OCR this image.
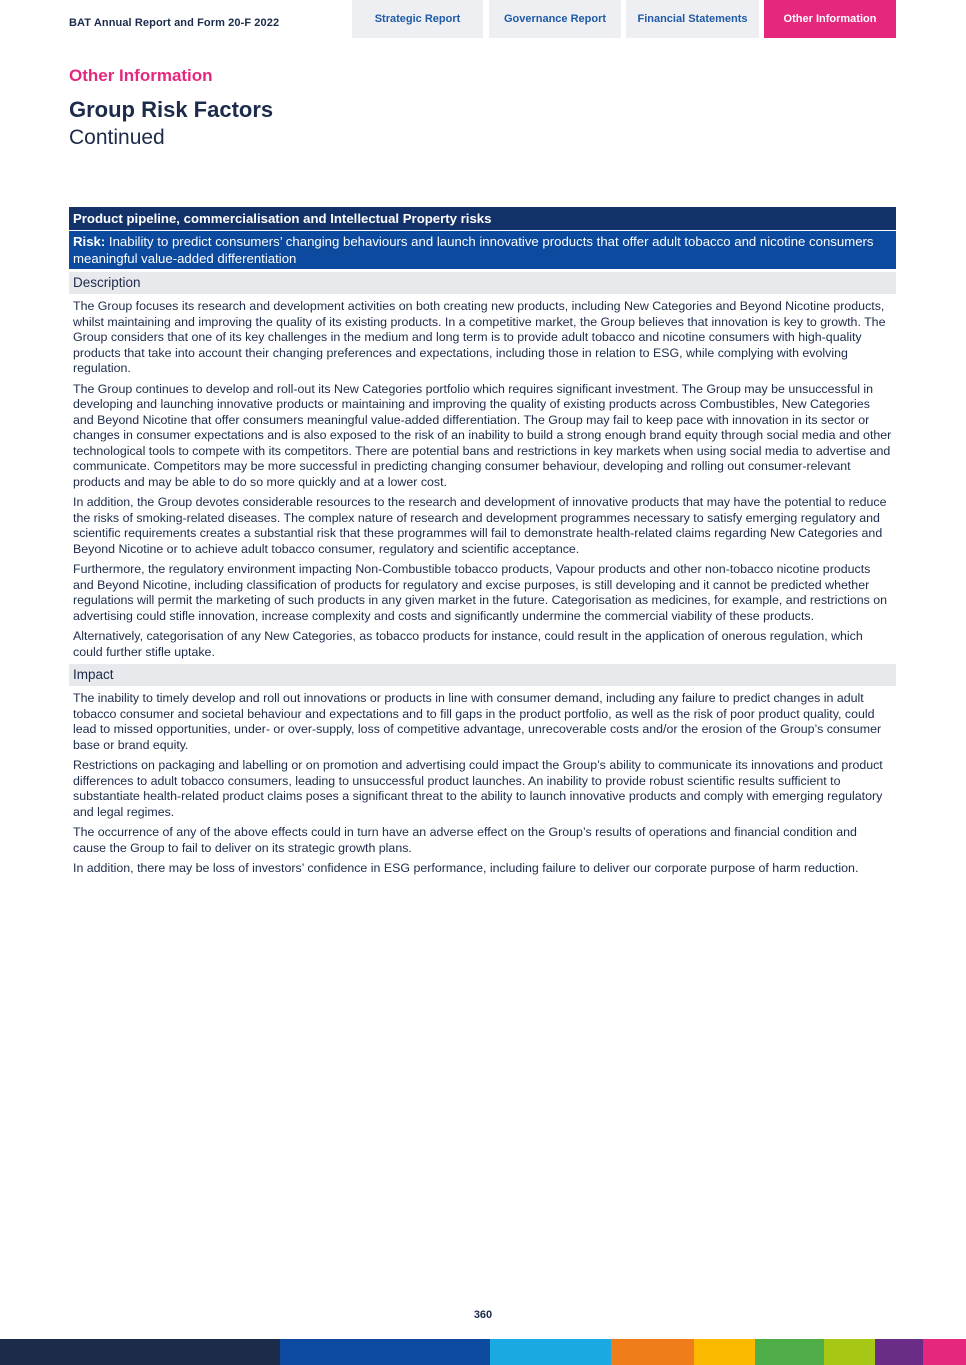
BAT Annual Report and Form 20-F 2022	Strategic Report	Governance Report	Financial Statements	Other Information
Other Information
Group Risk Factors
Continued
Product pipeline, commercialisation and Intellectual Property risks
Risk: Inability to predict consumers’ changing behaviours and launch innovative products that offer adult tobacco and nicotine consumers meaningful value-added differentiation
Description

The Group focuses its research and development activities on both creating new products, including New Categories and Beyond Nicotine products, whilst maintaining and improving the quality of its existing products. In a competitive market, the Group believes that innovation is key to growth. The Group considers that one of its key challenges in the medium and long term is to provide adult tobacco and nicotine consumers with high-quality products that take into account their changing preferences and expectations, including those in relation to ESG, while complying with evolving regulation.

The Group continues to develop and roll-out its New Categories portfolio which requires significant investment. The Group may be unsuccessful in developing and launching innovative products or maintaining and improving the quality of existing products across Combustibles, New Categories and Beyond Nicotine that offer consumers meaningful value-added differentiation. The Group may fail to keep pace with innovation in its sector or changes in consumer expectations and is also exposed to the risk of an inability to build a strong enough brand equity through social media and other technological tools to compete with its competitors. There are potential bans and restrictions in key markets when using social media to advertise and communicate. Competitors may be more successful in predicting changing consumer behaviour, developing and rolling out consumer-relevant products and may be able to do so more quickly and at a lower cost.

In addition, the Group devotes considerable resources to the research and development of innovative products that may have the potential to reduce the risks of smoking-related diseases. The complex nature of research and development programmes necessary to satisfy emerging regulatory and scientific requirements creates a substantial risk that these programmes will fail to demonstrate health-related claims regarding New Categories and Beyond Nicotine or to achieve adult tobacco consumer, regulatory and scientific acceptance.

Furthermore, the regulatory environment impacting Non-Combustible tobacco products, Vapour products and other non-tobacco nicotine products and Beyond Nicotine, including classification of products for regulatory and excise purposes, is still developing and it cannot be predicted whether regulations will permit the marketing of such products in any given market in the future. Categorisation as medicines, for example, and restrictions on advertising could stifle innovation, increase complexity and costs and significantly undermine the commercial viability of these products.

Alternatively, categorisation of any New Categories, as tobacco products for instance, could result in the application of onerous regulation, which could further stifle uptake.

Impact

The inability to timely develop and roll out innovations or products in line with consumer demand, including any failure to predict changes in adult tobacco consumer and societal behaviour and expectations and to fill gaps in the product portfolio, as well as the risk of poor product quality, could lead to missed opportunities, under- or over-supply, loss of competitive advantage, unrecoverable costs and/or the erosion of the Group’s consumer base or brand equity.

Restrictions on packaging and labelling or on promotion and advertising could impact the Group’s ability to communicate its innovations and product differences to adult tobacco consumers, leading to unsuccessful product launches. An inability to provide robust scientific results sufficient to substantiate health-related product claims poses a significant threat to the ability to launch innovative products and comply with emerging regulatory and legal regimes.

The occurrence of any of the above effects could in turn have an adverse effect on the Group’s results of operations and financial condition and cause the Group to fail to deliver on its strategic growth plans.

In addition, there may be loss of investors’ confidence in ESG performance, including failure to deliver our corporate purpose of harm reduction.

360
